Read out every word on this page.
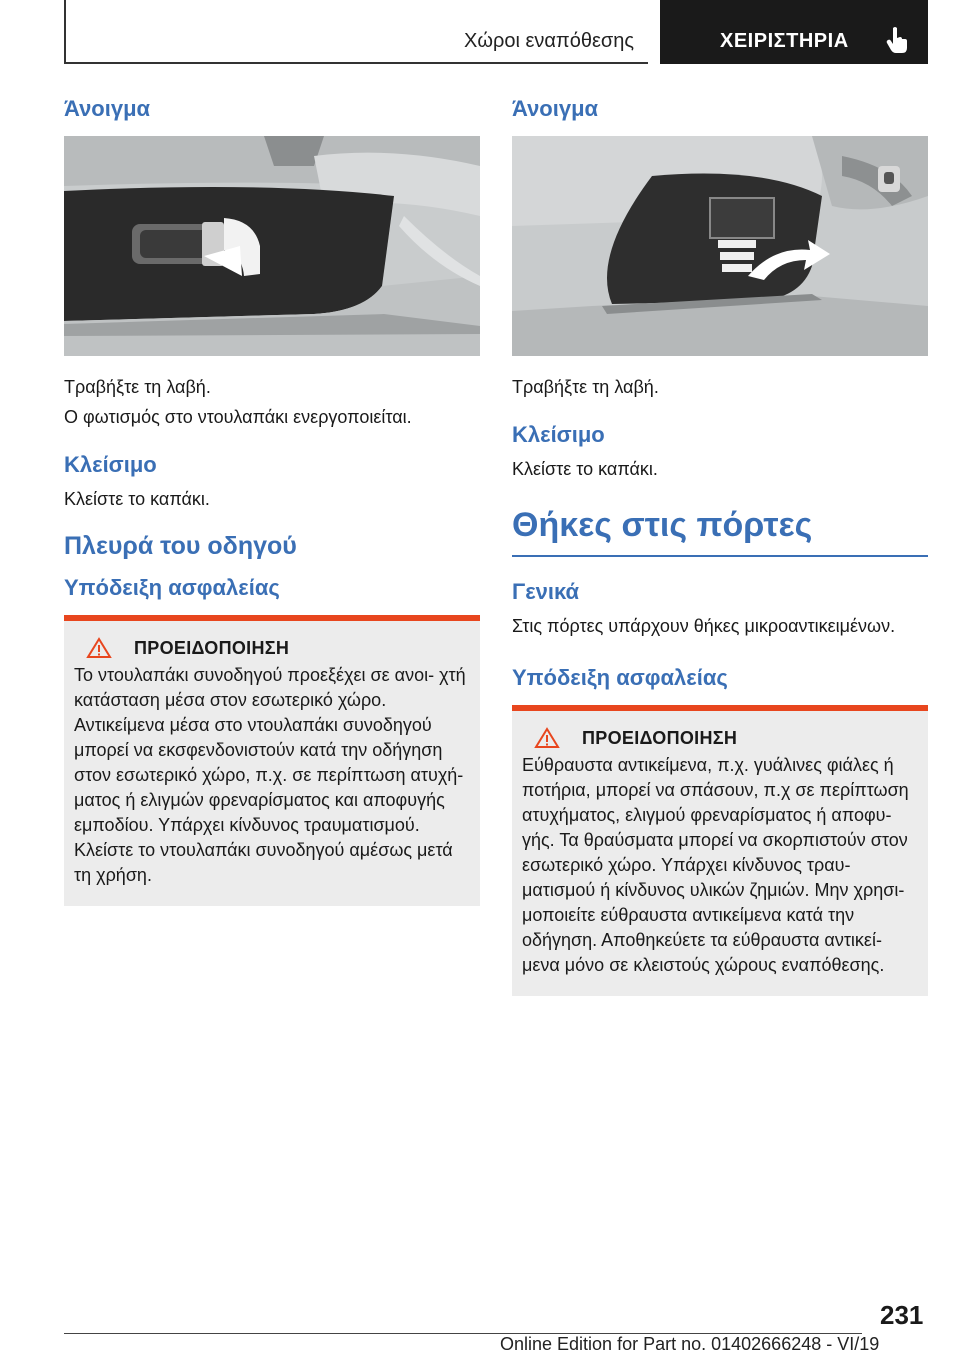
Χώροι εναπόθεσης	ΧΕΙΡΙΣΤΗΡΙΑ
Άνοιγμα

Τραβήξτε τη λαβή.

Ο φωτισμός στο ντουλαπάκι ενεργοποιείται.

Κλείσιμο

Κλείστε το καπάκι.

Πλευρά του οδηγού
Υπόδειξη ασφαλείας
ΠΡΟΕΙΔΟΠΟΙΗΣΗ

Το ντουλαπάκι συνοδηγού προεξέχει σε ανοι- χτή κατάσταση μέσα στον εσωτερικό χώρο. Αντικείμενα μέσα στο ντουλαπάκι συνοδηγού μπορεί να εκσφενδονιστούν κατά την οδήγηση στον εσωτερικό χώρο, π.χ. σε περίπτωση ατυχή- ματος ή ελιγμών φρεναρίσματος και αποφυγής εμποδίου. Υπάρχει κίνδυνος τραυματισμού. Κλείστε το ντουλαπάκι συνοδηγού αμέσως μετά τη χρήση.

Άνοιγμα

Τραβήξτε τη λαβή.

Κλείσιμο

Κλείστε το καπάκι.

Θήκες στις πόρτες
Γενικά

Στις πόρτες υπάρχουν θήκες μικροαντικειμένων.

Υπόδειξη ασφαλείας
ΠΡΟΕΙΔΟΠΟΙΗΣΗ

Εύθραυστα αντικείμενα, π.χ. γυάλινες φιάλες ή ποτήρια, μπορεί να σπάσουν, π.χ σε περίπτωση ατυχήματος, ελιγμού φρεναρίσματος ή αποφυ- γής. Τα θραύσματα μπορεί να σκορπιστούν στον εσωτερικό χώρο. Υπάρχει κίνδυνος τραυ- ματισμού ή κίνδυνος υλικών ζημιών. Μην χρησι- μοποιείτε εύθραυστα αντικείμενα κατά την οδήγηση. Αποθηκεύετε τα εύθραυστα αντικεί- μενα μόνο σε κλειστούς χώρους εναπόθεσης.

231
Online Edition for Part no. 01402666248 - VI/19
